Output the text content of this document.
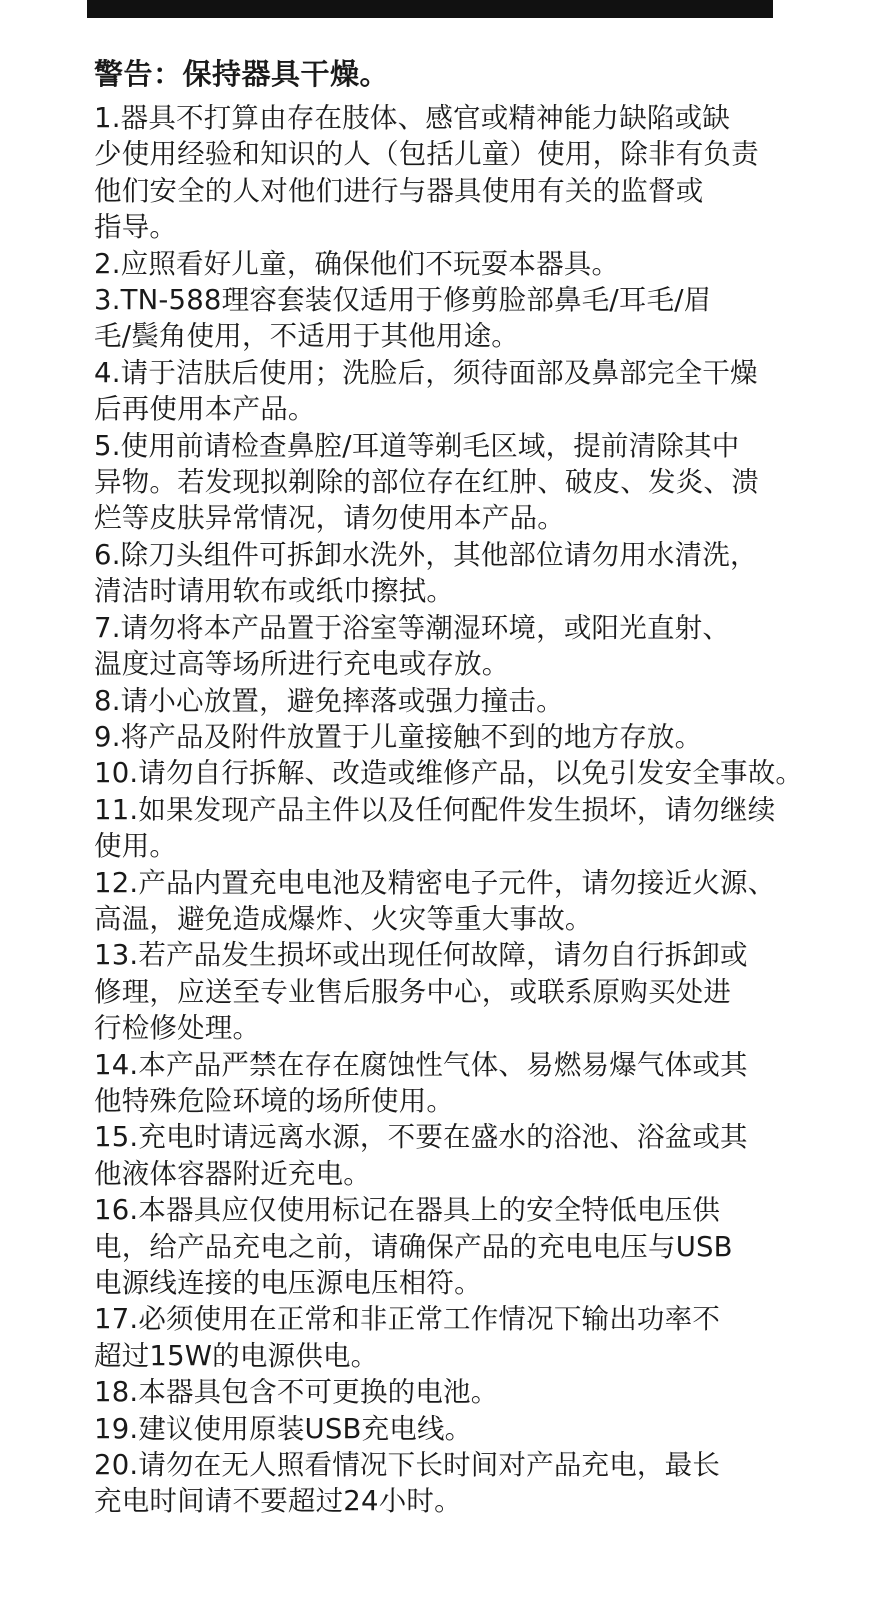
警告：保持器具干燥。
1.器具不打算由存在肢体、感官或精神能力缺陷或缺
少使用经验和知识的人（包括儿童）使用，除非有负责
他们安全的人对他们进行与器具使用有关的监督或
指导。
2.应照看好儿童，确保他们不玩耍本器具。
3.TN-588理容套装仅适用于修剪脸部鼻毛/耳毛/眉
毛/鬓角使用，不适用于其他用途。
4.请于洁肤后使用；洗脸后，须待面部及鼻部完全干燥
后再使用本产品。
5.使用前请检查鼻腔/耳道等剃毛区域，提前清除其中
异物。若发现拟剃除的部位存在红肿、破皮、发炎、溃
烂等皮肤异常情况，请勿使用本产品。
6.除刀头组件可拆卸水洗外，其他部位请勿用水清洗，
清洁时请用软布或纸巾擦拭。
7.请勿将本产品置于浴室等潮湿环境，或阳光直射、
温度过高等场所进行充电或存放。
8.请小心放置，避免摔落或强力撞击。
9.将产品及附件放置于儿童接触不到的地方存放。
10.请勿自行拆解、改造或维修产品，以免引发安全事故。
11.如果发现产品主件以及任何配件发生损坏，请勿继续
使用。
12.产品内置充电电池及精密电子元件，请勿接近火源、
高温，避免造成爆炸、火灾等重大事故。
13.若产品发生损坏或出现任何故障，请勿自行拆卸或
修理，应送至专业售后服务中心，或联系原购买处进
行检修处理。
14.本产品严禁在存在腐蚀性气体、易燃易爆气体或其
他特殊危险环境的场所使用。
15.充电时请远离水源，不要在盛水的浴池、浴盆或其
他液体容器附近充电。
16.本器具应仅使用标记在器具上的安全特低电压供
电，给产品充电之前，请确保产品的充电电压与USB
电源线连接的电压源电压相符。
17.必须使用在正常和非正常工作情况下输出功率不
超过15W的电源供电。
18.本器具包含不可更换的电池。
19.建议使用原装USB充电线。
20.请勿在无人照看情况下长时间对产品充电，最长
充电时间请不要超过24小时。
